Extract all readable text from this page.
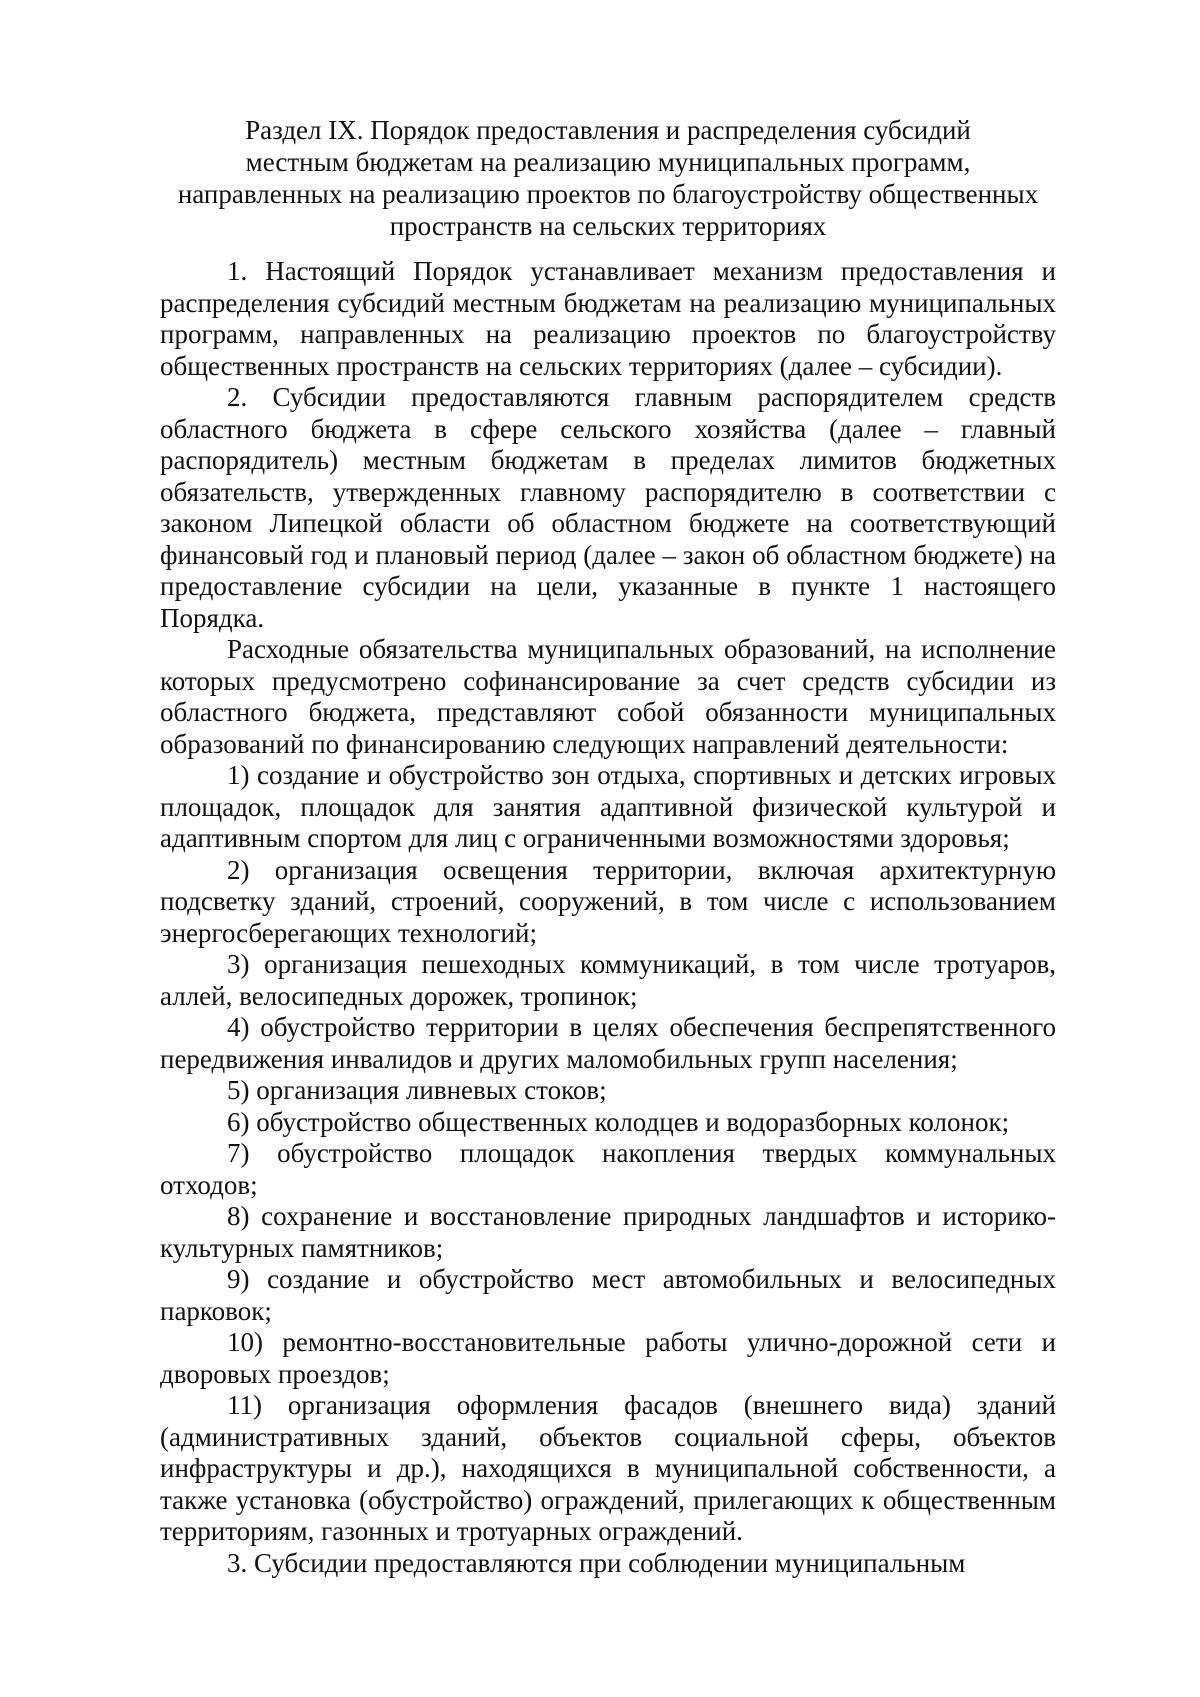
Раздел IX. Порядок предоставления и распределения субсидий
местным бюджетам на реализацию муниципальных программ,
направленных на реализацию проектов по благоустройству общественных
пространств на сельских территориях

1. Настоящий Порядок устанавливает механизм предоставления и распределения субсидий местным бюджетам на реализацию муниципальных программ, направленных на реализацию проектов по благоустройству общественных пространств на сельских территориях (далее – субсидии).

2. Субсидии предоставляются главным распорядителем средств областного бюджета в сфере сельского хозяйства (далее – главный распорядитель) местным бюджетам в пределах лимитов бюджетных обязательств, утвержденных главному распорядителю в соответствии с законом Липецкой области об областном бюджете на соответствующий финансовый год и плановый период (далее – закон об областном бюджете) на предоставление субсидии на цели, указанные в пункте 1 настоящего Порядка.

Расходные обязательства муниципальных образований, на исполнение которых предусмотрено софинансирование за счет средств субсидии из областного бюджета, представляют собой обязанности муниципальных образований по финансированию следующих направлений деятельности:

1) создание и обустройство зон отдыха, спортивных и детских игровых площадок, площадок для занятия адаптивной физической культурой и адаптивным спортом для лиц с ограниченными возможностями здоровья;

2) организация освещения территории, включая архитектурную подсветку зданий, строений, сооружений, в том числе с использованием энергосберегающих технологий;

3) организация пешеходных коммуникаций, в том числе тротуаров, аллей, велосипедных дорожек, тропинок;

4) обустройство территории в целях обеспечения беспрепятственного передвижения инвалидов и других маломобильных групп населения;

5) организация ливневых стоков;

6) обустройство общественных колодцев и водоразборных колонок;

7) обустройство площадок накопления твердых коммунальных отходов;

8) сохранение и восстановление природных ландшафтов и историко-культурных памятников;

9) создание и обустройство мест автомобильных и велосипедных парковок;

10) ремонтно-восстановительные работы улично-дорожной сети и дворовых проездов;

11) организация оформления фасадов (внешнего вида) зданий (административных зданий, объектов социальной сферы, объектов инфраструктуры и др.), находящихся в муниципальной собственности, а также установка (обустройство) ограждений, прилегающих к общественным территориям, газонных и тротуарных ограждений.

3. Субсидии предоставляются при соблюдении муниципальным
